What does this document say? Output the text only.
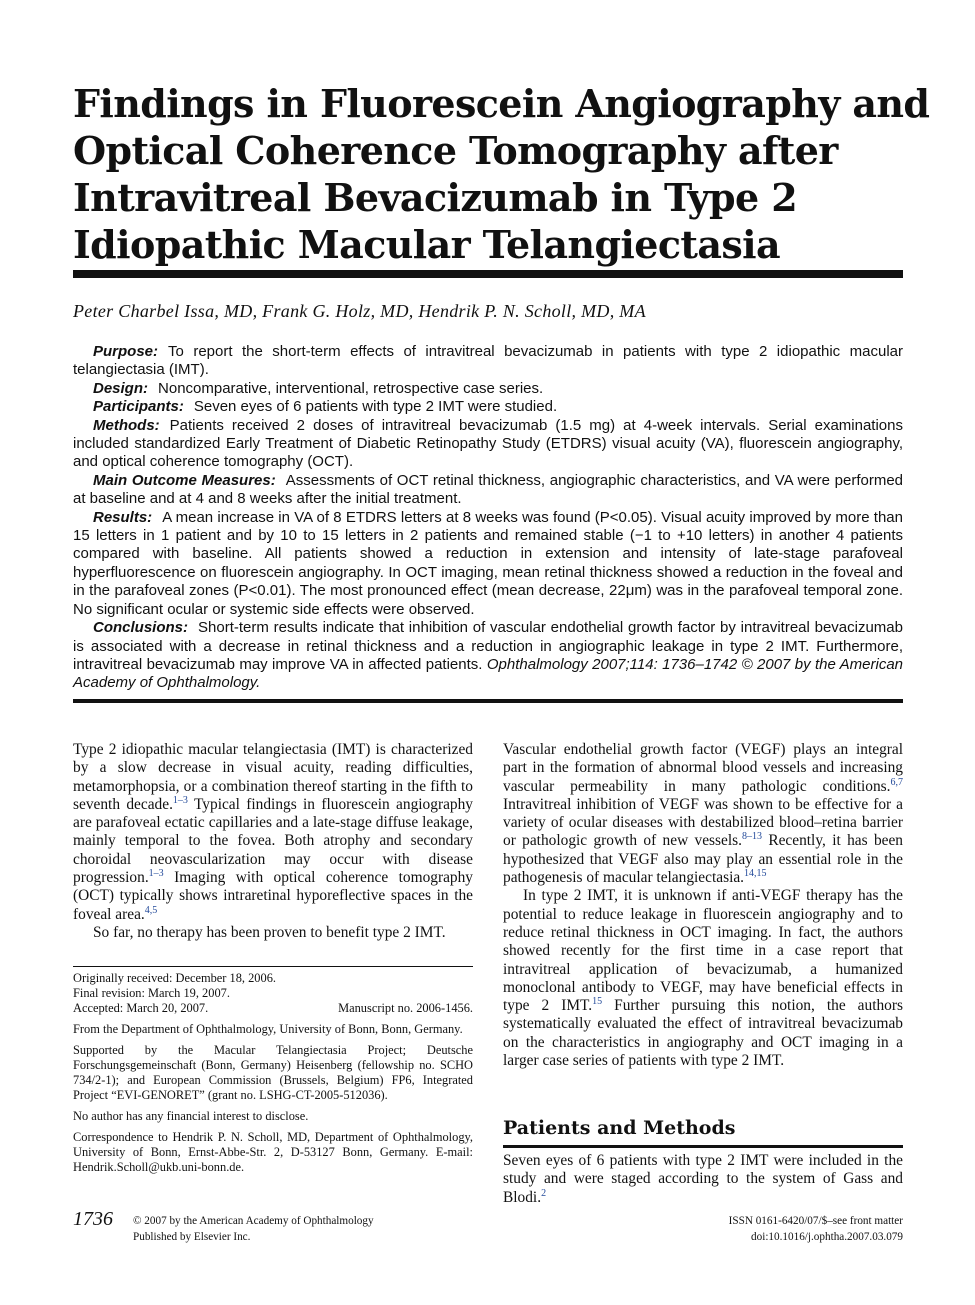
Findings in Fluorescein Angiography and
Optical Coherence Tomography after
Intravitreal Bevacizumab in Type 2
Idiopathic Macular Telangiectasia

Peter Charbel Issa, MD, Frank G. Holz, MD, Hendrik P. N. Scholl, MD, MA

Purpose: To report the short-term effects of intravitreal bevacizumab in patients with type 2 idiopathic macular telangiectasia (IMT).

Design: Noncomparative, interventional, retrospective case series.

Participants: Seven eyes of 6 patients with type 2 IMT were studied.

Methods: Patients received 2 doses of intravitreal bevacizumab (1.5 mg) at 4-week intervals. Serial examinations included standardized Early Treatment of Diabetic Retinopathy Study (ETDRS) visual acuity (VA), fluorescein angiography, and optical coherence tomography (OCT).

Main Outcome Measures: Assessments of OCT retinal thickness, angiographic characteristics, and VA were performed at baseline and at 4 and 8 weeks after the initial treatment.

Results: A mean increase in VA of 8 ETDRS letters at 8 weeks was found (P<0.05). Visual acuity improved by more than 15 letters in 1 patient and by 10 to 15 letters in 2 patients and remained stable (−1 to +10 letters) in another 4 patients compared with baseline. All patients showed a reduction in extension and intensity of late-stage parafoveal hyperfluorescence on fluorescein angiography. In OCT imaging, mean retinal thickness showed a reduction in the foveal and in the parafoveal zones (P<0.01). The most pronounced effect (mean decrease, 22μm) was in the parafoveal temporal zone. No significant ocular or systemic side effects were observed.

Conclusions: Short-term results indicate that inhibition of vascular endothelial growth factor by intravitreal bevacizumab is associated with a decrease in retinal thickness and a reduction in angiographic leakage in type 2 IMT. Furthermore, intravitreal bevacizumab may improve VA in affected patients. Ophthalmology 2007;114: 1736–1742 © 2007 by the American Academy of Ophthalmology.

Type 2 idiopathic macular telangiectasia (IMT) is characterized by a slow decrease in visual acuity, reading difficulties, metamorphopsia, or a combination thereof starting in the fifth to seventh decade.$^{1-3}$ Typical findings in fluorescein angiography are parafoveal ectatic capillaries and a late-stage diffuse leakage, mainly temporal to the fovea. Both atrophy and secondary choroidal neovascularization may occur with disease progression.$^{1-3}$ Imaging with optical coherence tomography (OCT) typically shows intraretinal hyporeflective spaces in the foveal area.$^{4,5}$

So far, no therapy has been proven to benefit type 2 IMT.

Originally received: December 18, 2006.

Final revision: March 19, 2007.

Accepted: March 20, 2007.	Manuscript no. 2006-1456.

From the Department of Ophthalmology, University of Bonn, Bonn, Germany.

Supported by the Macular Telangiectasia Project; Deutsche Forschungsgemeinschaft (Bonn, Germany) Heisenberg (fellowship no. SCHO 734/2-1); and European Commission (Brussels, Belgium) FP6, Integrated Project “EVI-GENORET” (grant no. LSHG-CT-2005-512036).

No author has any financial interest to disclose.

Correspondence to Hendrik P. N. Scholl, MD, Department of Ophthalmology, University of Bonn, Ernst-Abbe-Str. 2, D-53127 Bonn, Germany. E-mail: Hendrik.Scholl@ukb.uni-bonn.de.

Vascular endothelial growth factor (VEGF) plays an integral part in the formation of abnormal blood vessels and increasing vascular permeability in many pathologic conditions.$^{6,7}$ Intravitreal inhibition of VEGF was shown to be effective for a variety of ocular diseases with destabilized blood–retina barrier or pathologic growth of new vessels.$^{8-13}$ Recently, it has been hypothesized that VEGF also may play an essential role in the pathogenesis of macular telangiectasia.$^{14,15}$

In type 2 IMT, it is unknown if anti-VEGF therapy has the potential to reduce leakage in fluorescein angiography and to reduce retinal thickness in OCT imaging. In fact, the authors showed recently for the first time in a case report that intravitreal application of bevacizumab, a humanized monoclonal antibody to VEGF, may have beneficial effects in type 2 IMT.$^{15}$ Further pursuing this notion, the authors systematically evaluated the effect of intravitreal bevacizumab on the characteristics in angiography and OCT imaging in a larger case series of patients with type 2 IMT.

Patients and Methods

Seven eyes of 6 patients with type 2 IMT were included in the study and were staged according to the system of Gass and Blodi.$^2$

1736 © 2007 by the American Academy of Ophthalmology
Published by Elsevier Inc.
ISSN 0161-6420/07/$–see front matter
doi:10.1016/j.ophtha.2007.03.079
